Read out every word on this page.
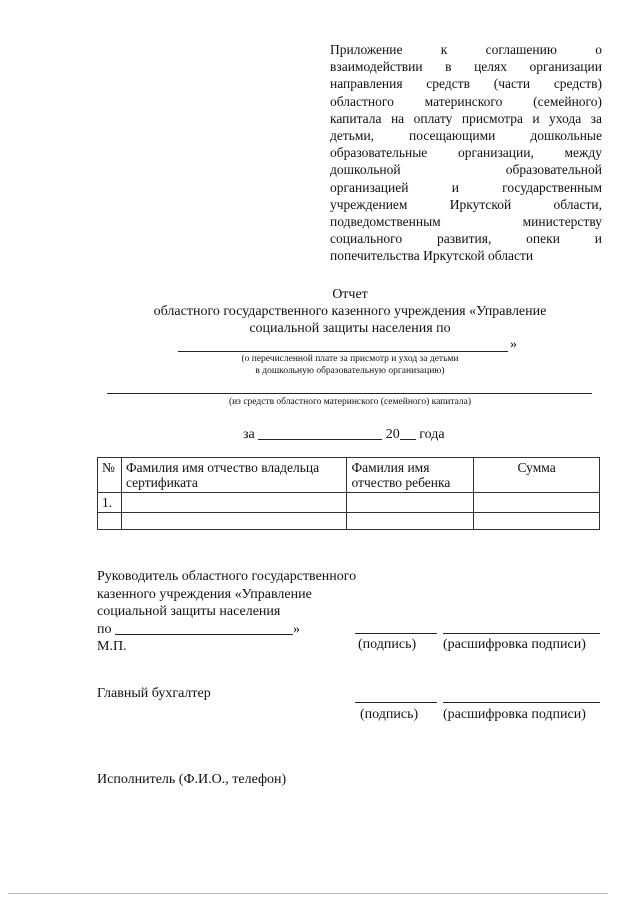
Приложение к соглашению о
взаимодействии в целях организации
направления средств (части средств)
областного материнского (семейного)
капитала на оплату присмотра и ухода за
детьми, посещающими дошкольные
образовательные организации, между
дошкольной образовательной
организацией и государственным
учреждением Иркутской области,
подведомственным министерству
социального развития, опеки и
попечительства Иркутской области
Отчет
областного государственного казенного учреждения «Управление
социальной защиты населения по
»
(о перечисленной плате за присмотр и уход за детьми
в дошкольную образовательную организацию)
(из средств областного материнского (семейного) капитала)
за	20 года
№	Фамилия имя отчество владельца сертификата	Фамилия имя отчество ребенка	Сумма
1.			

Руководитель областного государственного
казенного учреждения «Управление
социальной защиты населения
по	»
М.П.	(подпись) (расшифровка подписи)
Главный бухгалтер
(подпись) (расшифровка подписи)
Исполнитель (Ф.И.О., телефон)
